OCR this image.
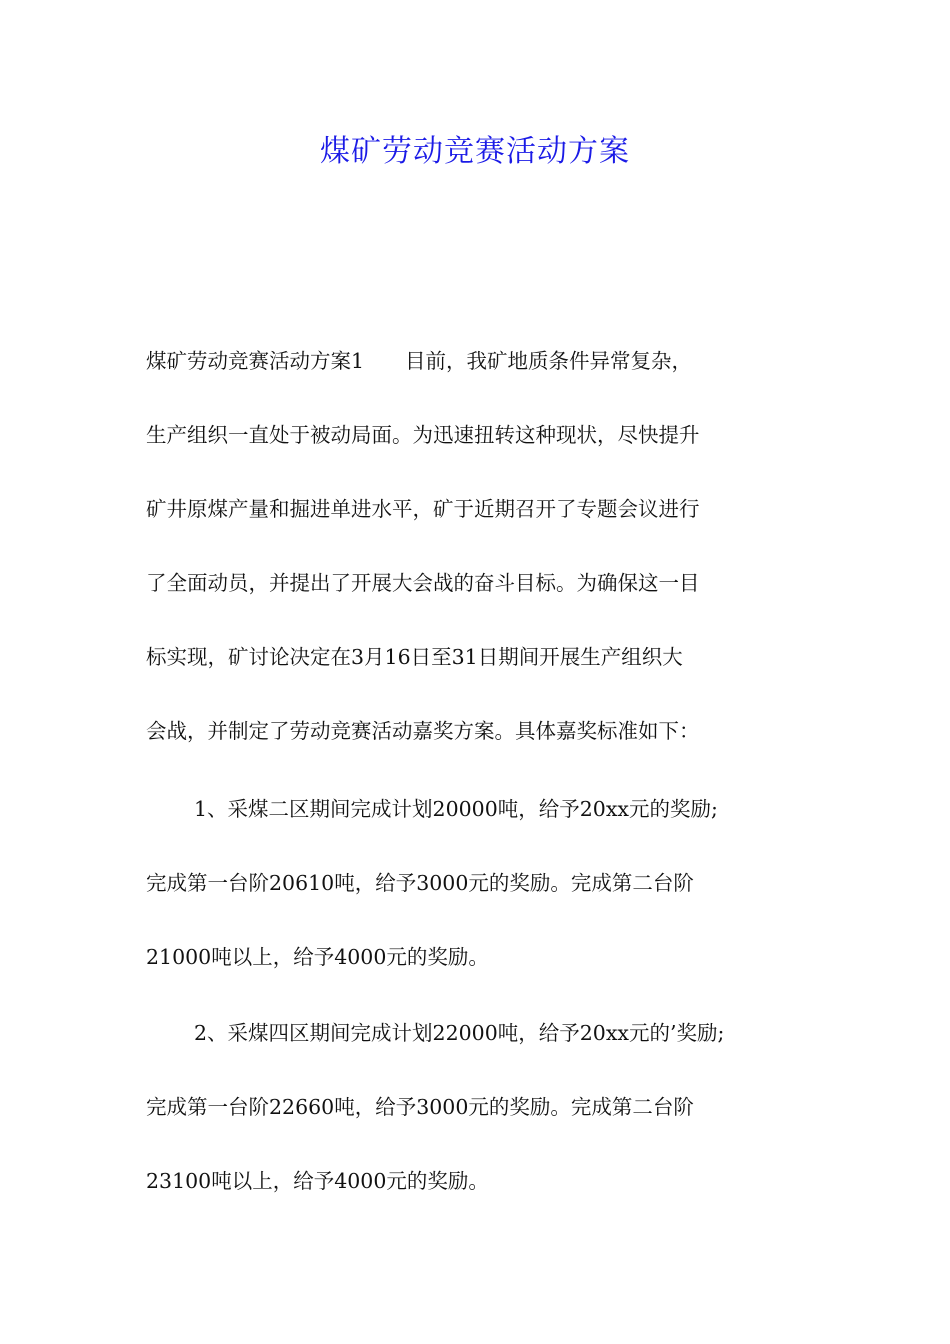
煤矿劳动竞赛活动方案
煤矿劳动竞赛活动方案1　　目前，我矿地质条件异常复杂，
生产组织一直处于被动局面。为迅速扭转这种现状，尽快提升
矿井原煤产量和掘进单进水平，矿于近期召开了专题会议进行
了全面动员，并提出了开展大会战的奋斗目标。为确保这一目
标实现，矿讨论决定在3月16日至31日期间开展生产组织大
会战，并制定了劳动竞赛活动嘉奖方案。具体嘉奖标准如下：
1、采煤二区期间完成计划20000吨，给予20xx元的奖励;
完成第一台阶20610吨，给予3000元的奖励。完成第二台阶
21000吨以上，给予4000元的奖励。
2、采煤四区期间完成计划22000吨，给予20xx元的’奖励;
完成第一台阶22660吨，给予3000元的奖励。完成第二台阶
23100吨以上，给予4000元的奖励。
